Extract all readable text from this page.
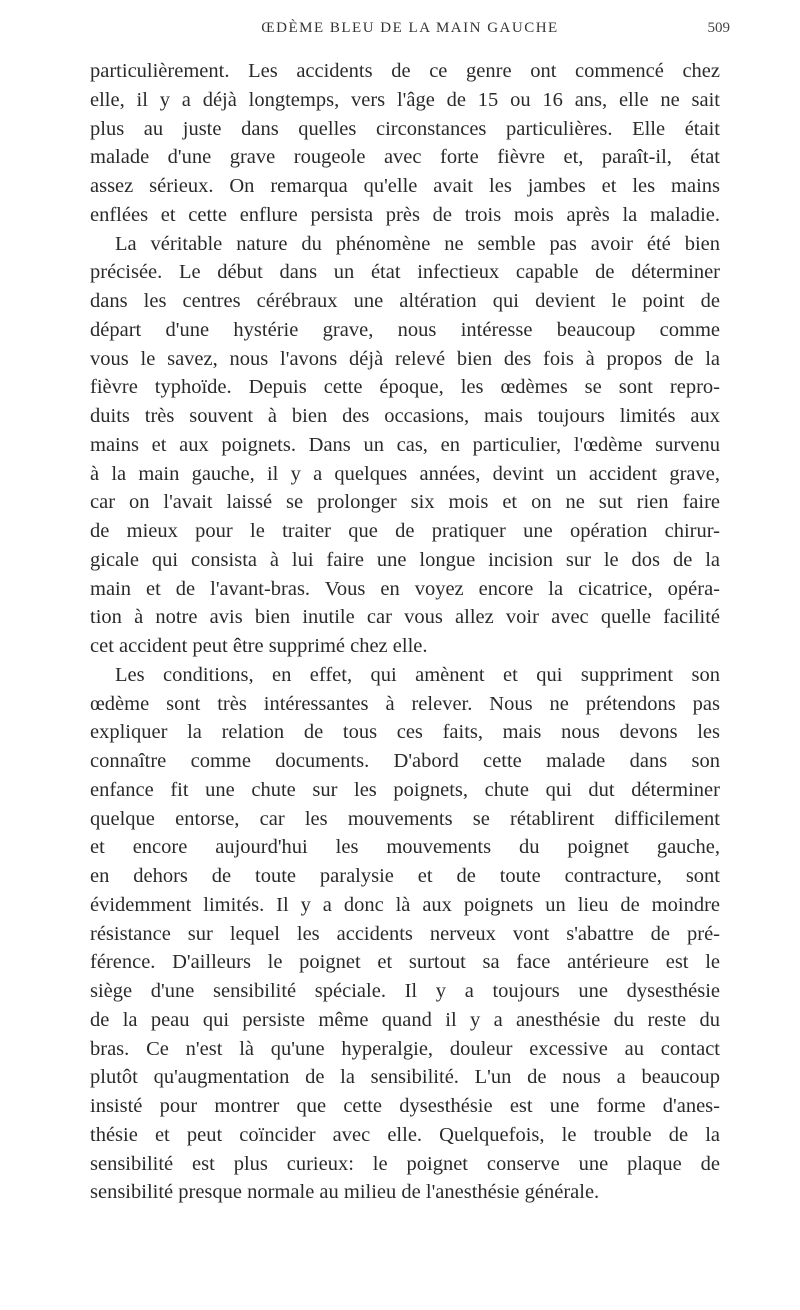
ŒDÈME BLEU DE LA MAIN GAUCHE	509
particulièrement. Les accidents de ce genre ont commencé chez
elle, il y a déjà longtemps, vers l'âge de 15 ou 16 ans, elle ne sait
plus au juste dans quelles circonstances particulières. Elle était
malade d'une grave rougeole avec forte fièvre et, paraît-il, état
assez sérieux. On remarqua qu'elle avait les jambes et les mains
enflées et cette enflure persista près de trois mois après la maladie.
La véritable nature du phénomène ne semble pas avoir été bien
précisée. Le début dans un état infectieux capable de déterminer
dans les centres cérébraux une altération qui devient le point de
départ d'une hystérie grave, nous intéresse beaucoup comme
vous le savez, nous l'avons déjà relevé bien des fois à propos de la
fièvre typhoïde. Depuis cette époque, les œdèmes se sont repro-
duits très souvent à bien des occasions, mais toujours limités aux
mains et aux poignets. Dans un cas, en particulier, l'œdème survenu
à la main gauche, il y a quelques années, devint un accident grave,
car on l'avait laissé se prolonger six mois et on ne sut rien faire
de mieux pour le traiter que de pratiquer une opération chirur-
gicale qui consista à lui faire une longue incision sur le dos de la
main et de l'avant-bras. Vous en voyez encore la cicatrice, opéra-
tion à notre avis bien inutile car vous allez voir avec quelle facilité
cet accident peut être supprimé chez elle.
Les conditions, en effet, qui amènent et qui suppriment son
œdème sont très intéressantes à relever. Nous ne prétendons pas
expliquer la relation de tous ces faits, mais nous devons les
connaître comme documents. D'abord cette malade dans son
enfance fit une chute sur les poignets, chute qui dut déterminer
quelque entorse, car les mouvements se rétablirent difficilement
et encore aujourd'hui les mouvements du poignet gauche,
en dehors de toute paralysie et de toute contracture, sont
évidemment limités. Il y a donc là aux poignets un lieu de moindre
résistance sur lequel les accidents nerveux vont s'abattre de pré-
férence. D'ailleurs le poignet et surtout sa face antérieure est le
siège d'une sensibilité spéciale. Il y a toujours une dysesthésie
de la peau qui persiste même quand il y a anesthésie du reste du
bras. Ce n'est là qu'une hyperalgie, douleur excessive au contact
plutôt qu'augmentation de la sensibilité. L'un de nous a beaucoup
insisté pour montrer que cette dysesthésie est une forme d'anes-
thésie et peut coïncider avec elle. Quelquefois, le trouble de la
sensibilité est plus curieux: le poignet conserve une plaque de
sensibilité presque normale au milieu de l'anesthésie générale.
